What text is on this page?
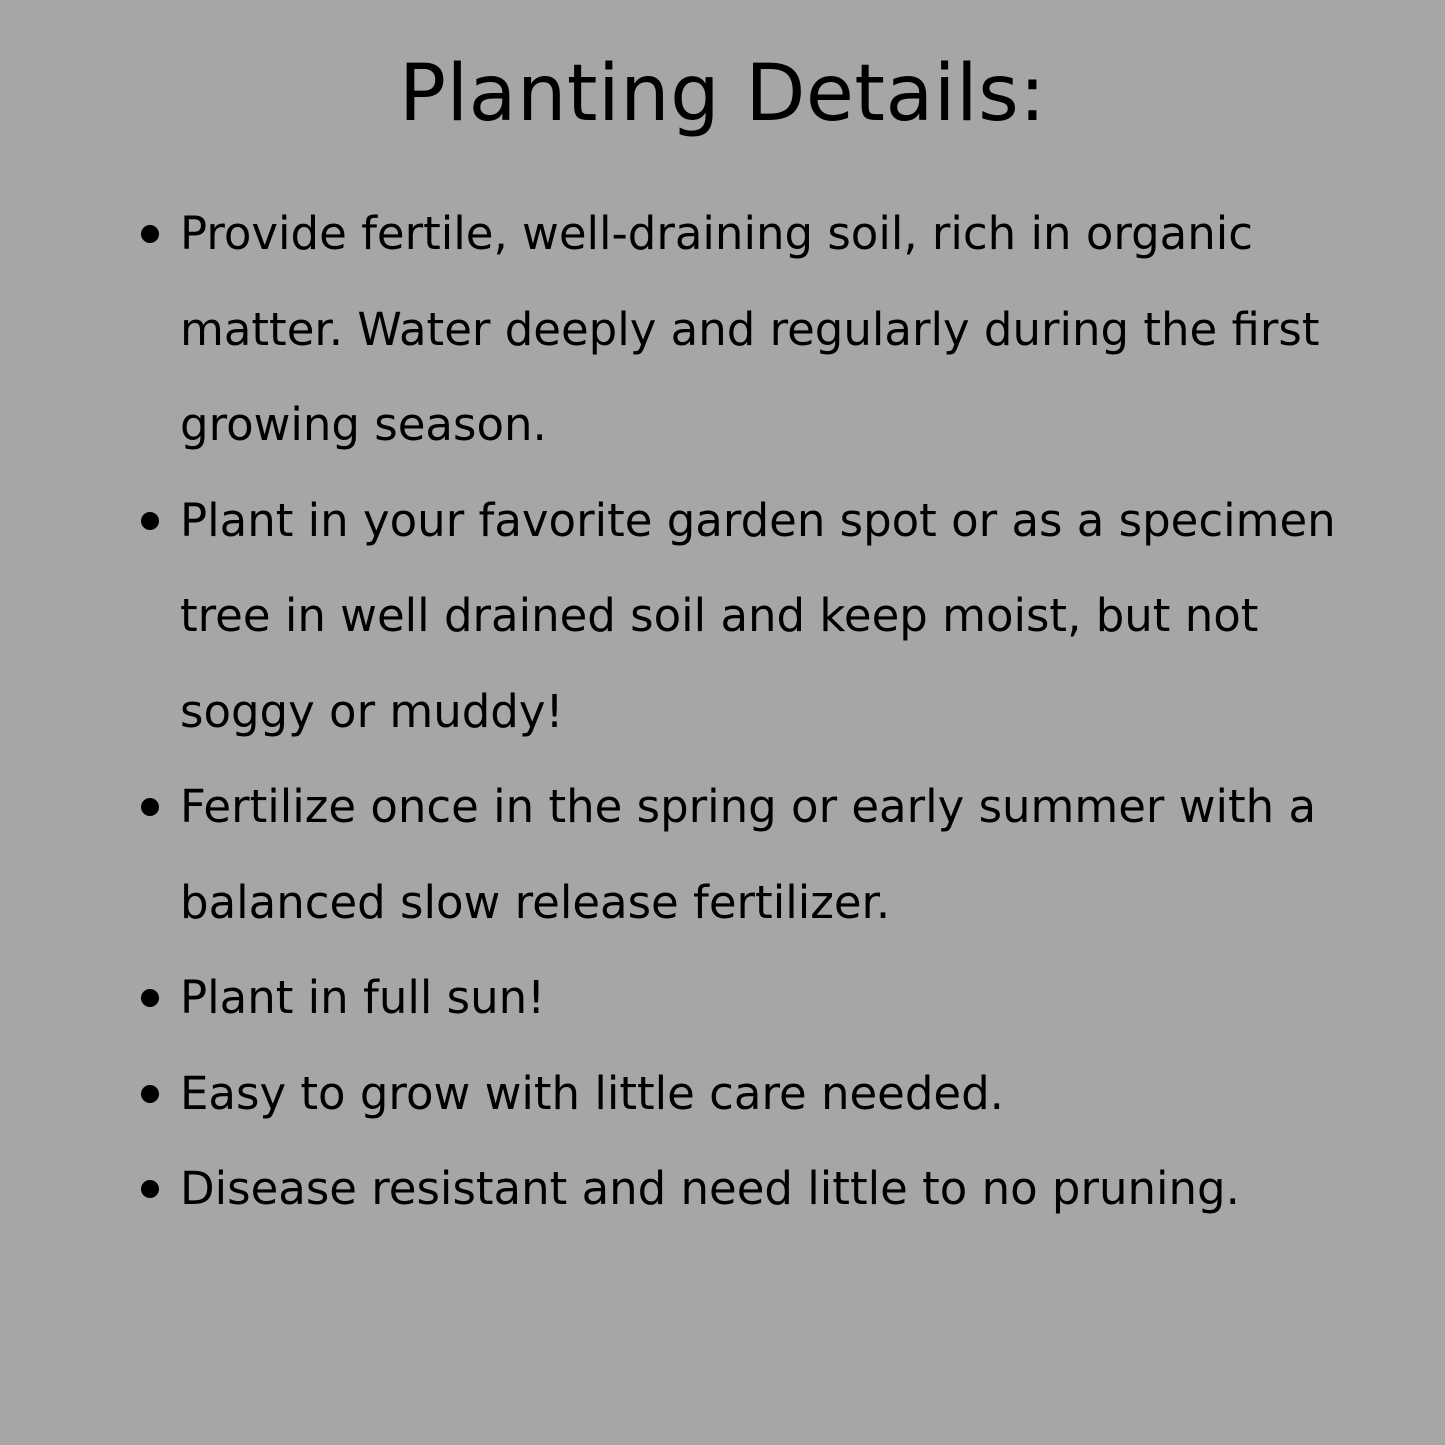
Planting Details:
Provide fertile, well-draining soil, rich in organic matter. Water deeply and regularly during the first growing season.
Plant in your favorite garden spot or as a specimen tree in well drained soil and keep moist, but not soggy or muddy!
Fertilize once in the spring or early summer with a balanced slow release fertilizer.
Plant in full sun!
Easy to grow with little care needed.
Disease resistant and need little to no pruning.
